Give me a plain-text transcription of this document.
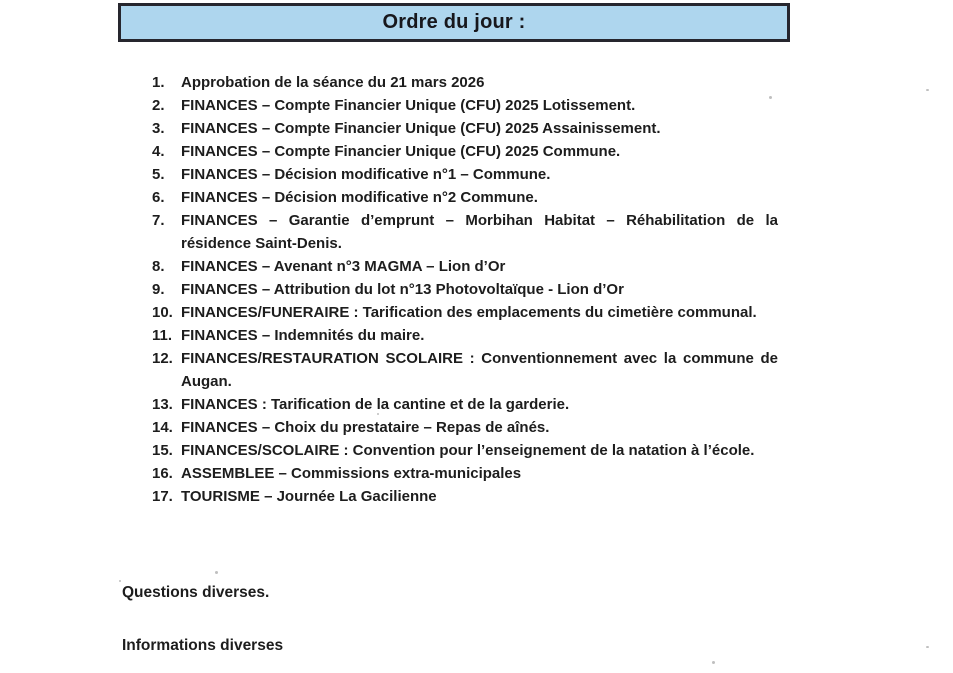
Ordre du jour :
1.	Approbation de la séance du 21 mars 2026
2.	FINANCES – Compte Financier Unique (CFU) 2025 Lotissement.
3.	FINANCES – Compte Financier Unique (CFU) 2025 Assainissement.
4.	FINANCES – Compte Financier Unique (CFU) 2025 Commune.
5.	FINANCES – Décision modificative n°1 – Commune.
6.	FINANCES – Décision modificative n°2 Commune.
7.	FINANCES – Garantie d’emprunt – Morbihan Habitat – Réhabilitation de la résidence Saint-Denis.
8.	FINANCES – Avenant n°3 MAGMA – Lion d’Or
9.	FINANCES – Attribution du lot n°13 Photovoltaïque - Lion d’Or
10. FINANCES/FUNERAIRE : Tarification des emplacements du cimetière communal.
11. FINANCES – Indemnités du maire.
12. FINANCES/RESTAURATION SCOLAIRE : Conventionnement avec la commune de Augan.
13. FINANCES : Tarification de la cantine et de la garderie.
14. FINANCES – Choix du prestataire – Repas de aînés.
15. FINANCES/SCOLAIRE : Convention pour l’enseignement de la natation à l’école.
16. ASSEMBLEE – Commissions extra-municipales
17. TOURISME – Journée La Gacilienne
Questions diverses.
Informations diverses
